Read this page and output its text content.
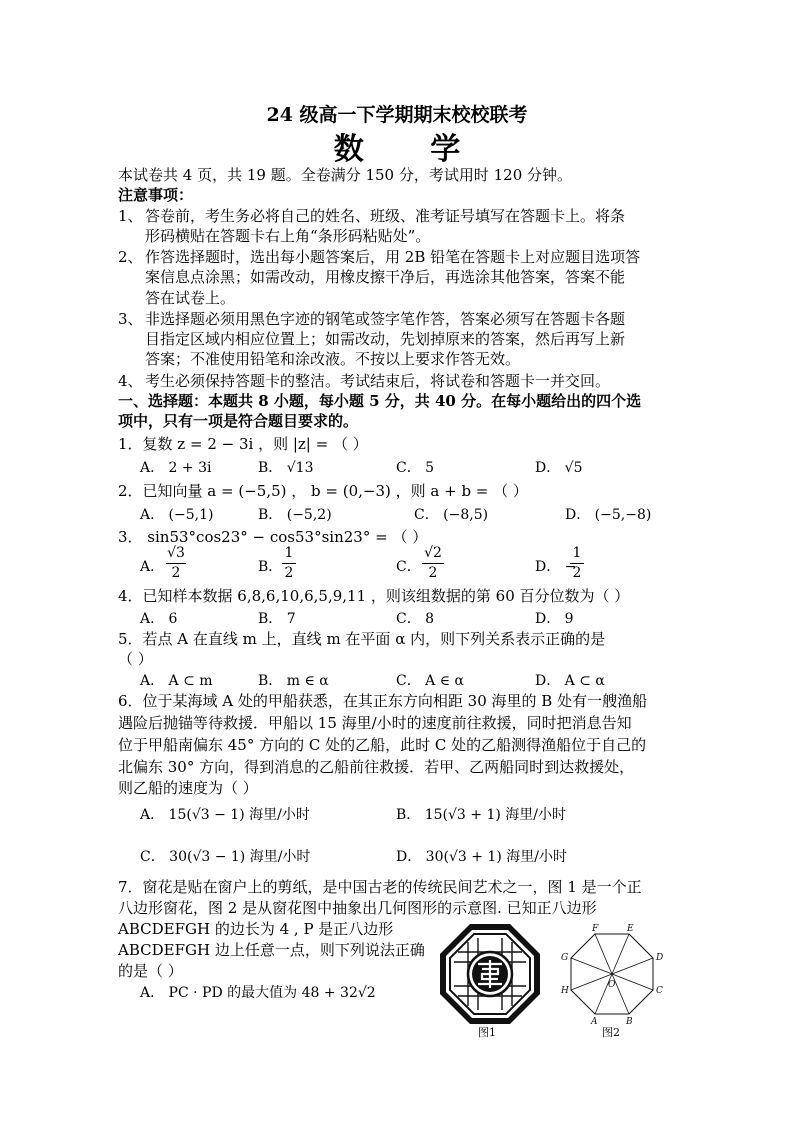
24 级高一下学期期末校校联考
数 学
本试卷共 4 页，共 19 题。全卷满分 150 分，考试用时 120 分钟。
注意事项：
1、 答卷前，考生务必将自己的姓名、班级、准考证号填写在答题卡上。将条
形码横贴在答题卡右上角“条形码粘贴处”。
2、 作答选择题时，选出每小题答案后，用 2B 铅笔在答题卡上对应题目选项答
案信息点涂黑；如需改动，用橡皮擦干净后，再选涂其他答案，答案不能
答在试卷上。
3、 非选择题必须用黑色字迹的钢笔或签字笔作答，答案必须写在答题卡各题
目指定区域内相应位置上；如需改动，先划掉原来的答案，然后再写上新
答案；不准使用铅笔和涂改液。不按以上要求作答无效。
4、 考生必须保持答题卡的整洁。考试结束后，将试卷和答题卡一并交回。
一、选择题：本题共 8 小题，每小题 5 分，共 40 分。在每小题给出的四个选
项中，只有一项是符合题目要求的。
1．复数 z = 2 − 3i ，则 |z| = （ ）
A． 2 + 3i	B． √13	C． 5	D． √5
2．已知向量 a = (−5,5) ， b = (0,−3) ，则 a + b = （ ）
A． (−5,1)	B． (−5,2)	C． (−8,5)	D． (−5,−8)
3． sin53°cos23° − cos53°sin23° = （ ）
A．
√3
2	B．
1
2	C．
√2
2	D． −
1
2
4．已知样本数据 6,8,6,10,6,5,9,11 ，则该组数据的第 60 百分位数为（ ）
A． 6	B． 7	C． 8	D． 9
5．若点 A 在直线 m 上，直线 m 在平面 α 内，则下列关系表示正确的是
（ ）
A． A ⊂ m	B． m ∈ α	C． A ∈ α	D． A ⊂ α
6．位于某海域 A 处的甲船获悉，在其正东方向相距 30 海里的 B 处有一艘渔船
遇险后抛锚等待救援．甲船以 15 海里/小时的速度前往救援，同时把消息告知
位于甲船南偏东 45° 方向的 C 处的乙船，此时 C 处的乙船测得渔船位于自己的
北偏东 30° 方向，得到消息的乙船前往救援．若甲、乙两船同时到达救援处，
则乙船的速度为（ ）
A． 15(√3 − 1) 海里/小时	B． 15(√3 + 1) 海里/小时
C． 30(√3 − 1) 海里/小时	D． 30(√3 + 1) 海里/小时
7．窗花是贴在窗户上的剪纸，是中国古老的传统民间艺术之一，图 1 是一个正
八边形窗花，图 2 是从窗花图中抽象出几何图形的示意图. 已知正八边形
ABCDEFGH 的边长为 4 , P 是正八边形
ABCDEFGH 边上任意一点，则下列说法正确
的是（ ）
A． PC · PD 的最大值为 48 + 32√2
图1
A	B
C
D
E
F
G
H
O
图2
